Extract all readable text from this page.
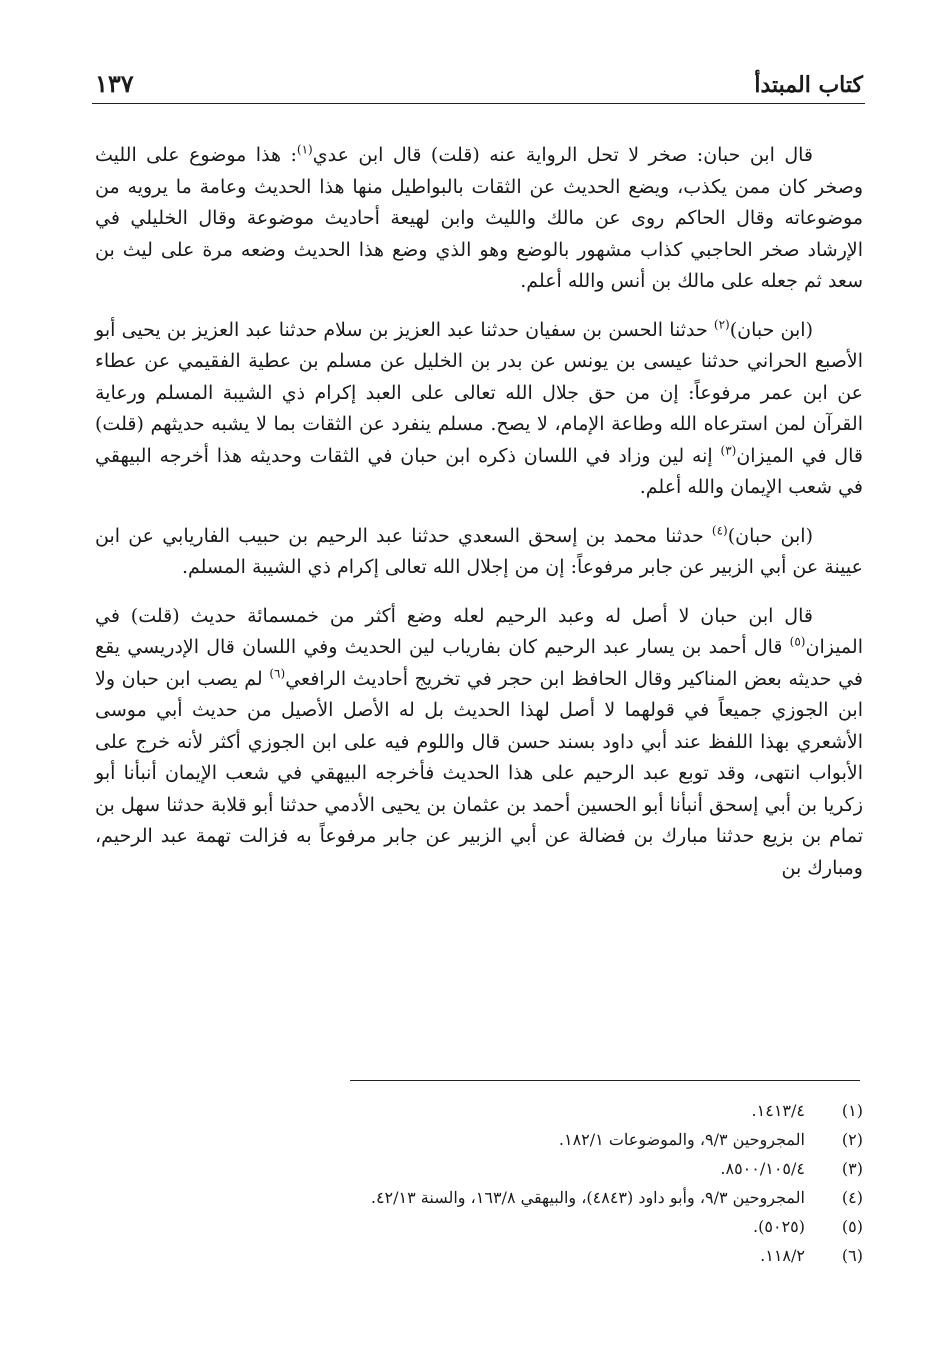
كتاب المبتدأ
١٣٧

قال ابن حبان: صخر لا تحل الرواية عنه (قلت) قال ابن عدي$^{(١)}$: هذا موضوع على الليث وصخر كان ممن يكذب، ويضع الحديث عن الثقات بالبواطيل منها هذا الحديث وعامة ما يرويه من موضوعاته وقال الحاكم روى عن مالك والليث وابن لهيعة أحاديث موضوعة وقال الخليلي في الإرشاد صخر الحاجبي كذاب مشهور بالوضع وهو الذي وضع هذا الحديث وضعه مرة على ليث بن سعد ثم جعله على مالك بن أنس والله أعلم.

(ابن حبان)$^{(٢)}$ حدثنا الحسن بن سفيان حدثنا عبد العزيز بن سلام حدثنا عبد العزيز بن يحيى أبو الأصبع الحراني حدثنا عيسى بن يونس عن بدر بن الخليل عن مسلم بن عطية الفقيمي عن عطاء عن ابن عمر مرفوعاً: إن من حق جلال الله تعالى على العبد إكرام ذي الشيبة المسلم ورعاية القرآن لمن استرعاه الله وطاعة الإمام، لا يصح. مسلم ينفرد عن الثقات بما لا يشبه حديثهم (قلت) قال في الميزان$^{(٣)}$ إنه لين وزاد في اللسان ذكره ابن حبان في الثقات وحديثه هذا أخرجه البيهقي في شعب الإيمان والله أعلم.

(ابن حبان)$^{(٤)}$ حدثنا محمد بن إسحق السعدي حدثنا عبد الرحيم بن حبيب الفاريابي عن ابن عيينة عن أبي الزبير عن جابر مرفوعاً: إن من إجلال الله تعالى إكرام ذي الشيبة المسلم.

قال ابن حبان لا أصل له وعبد الرحيم لعله وضع أكثر من خمسمائة حديث (قلت) في الميزان$^{(٥)}$ قال أحمد بن يسار عبد الرحيم كان بفارياب لين الحديث وفي اللسان قال الإدريسي يقع في حديثه بعض المناكير وقال الحافظ ابن حجر في تخريج أحاديث الرافعي$^{(٦)}$ لم يصب ابن حبان ولا ابن الجوزي جميعاً في قولهما لا أصل لهذا الحديث بل له الأصل الأصيل من حديث أبي موسى الأشعري بهذا اللفظ عند أبي داود بسند حسن قال واللوم فيه على ابن الجوزي أكثر لأنه خرج على الأبواب انتهى، وقد توبع عبد الرحيم على هذا الحديث فأخرجه البيهقي في شعب الإيمان أنبأنا أبو زكريا بن أبي إسحق أنبأنا أبو الحسين أحمد بن عثمان بن يحيى الأدمي حدثنا أبو قلابة حدثنا سهل بن تمام بن بزيع حدثنا مبارك بن فضالة عن أبي الزبير عن جابر مرفوعاً به فزالت تهمة عبد الرحيم، ومبارك بن

(١)
١٤١٣/٤.
(٢)
المجروحين ٩/٣، والموضوعات ١٨٢/١.
(٣)
٨٥٠٠/١٠٥/٤.
(٤)
المجروحين ٩/٣، وأبو داود (٤٨٤٣)، والبيهقي ١٦٣/٨، والسنة ٤٢/١٣.
(٥)
(٥٠٢٥).
(٦)
١١٨/٢.
